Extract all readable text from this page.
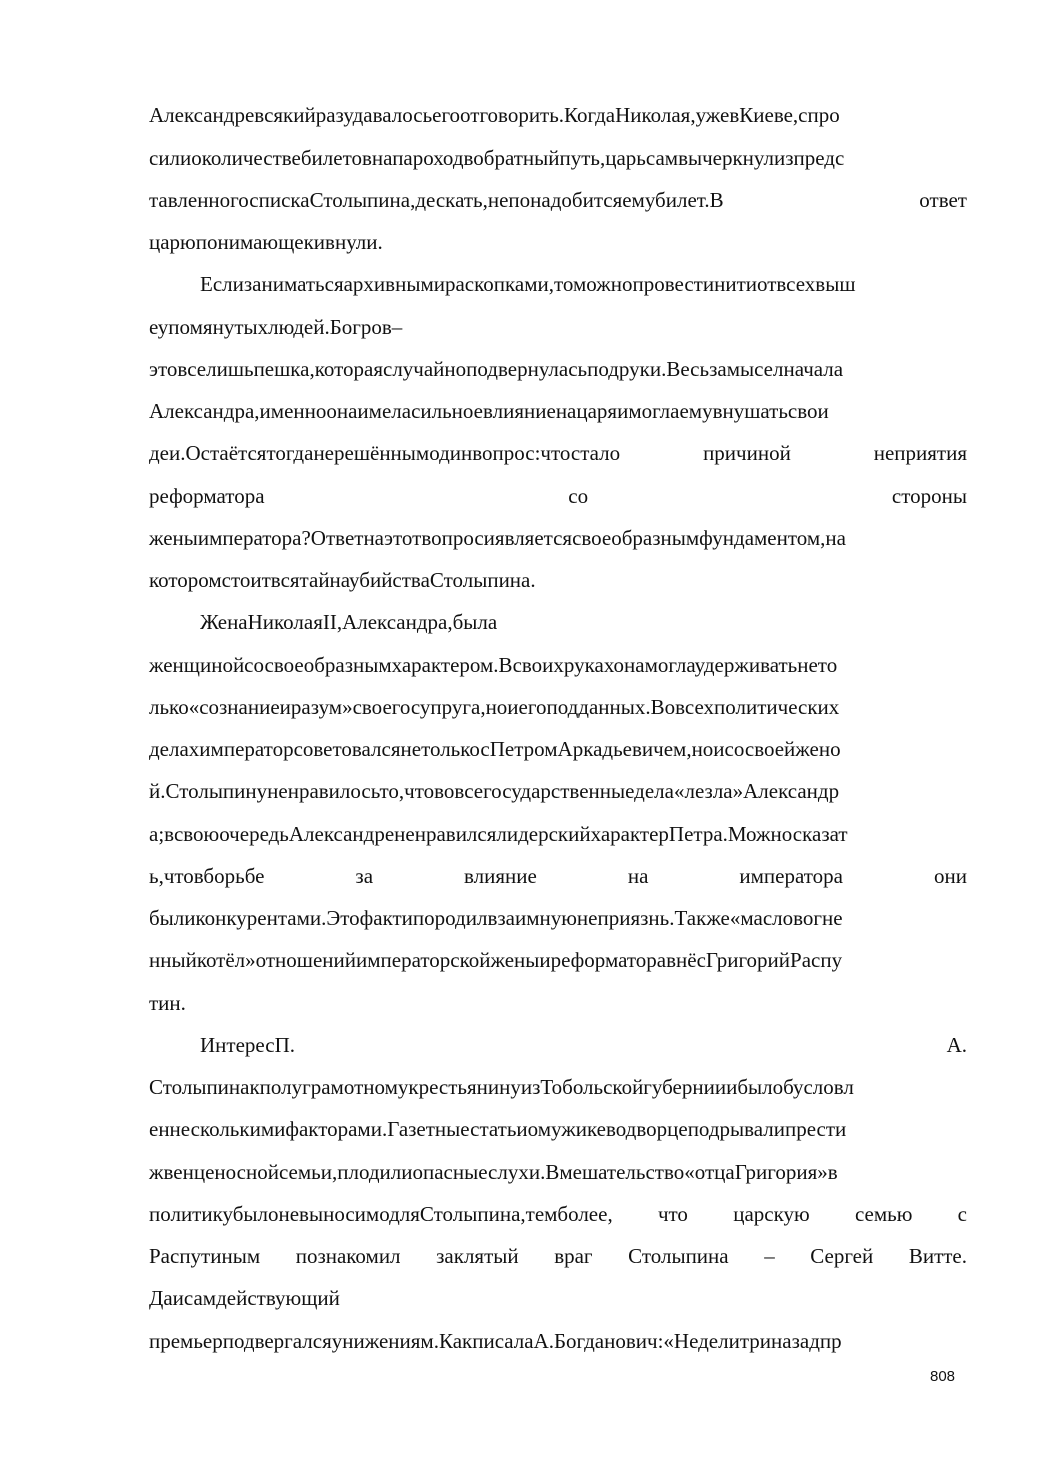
Александревсякийразудавалосьегоотговорить.КогдаНиколая,ужевКиеве,спро

силиоколичествебилетовнапароходвобратныйпуть,царьсамвычеркнулизпредс

тавленногоспискаСтолыпина,дескать,непонадобитсяемубилет.В	ответ

царюпонимающекивнули.

Еслизаниматьсяархивнымираскопками,томожнопровестинитиотвсехвыш

еупомянутыхлюдей.Богров–

этовселишьпешка,котораяслучайноподвернуласьподруки.Весьзамыселначала

Александра,именноонаимеласильноевлияниенацаряимоглаемувнушатьсвои

деи.Остаётсятогданерешённымодинвопрос:чтостало	причиной	неприятия

реформатора	со	стороны

женыимператора?Ответнаэтотвопросиявляетсясвоеобразнымфундаментом,на

которомстоитвсятайнаубийстваСтолыпина.

ЖенаНиколаяII,Александра,была

женщинойсосвоеобразнымхарактером.Всвоихрукахонамоглаудерживатьнето

лько«сознаниеиразум»своегосупруга,ноиегоподданных.Вовсехполитических

делахимператорсоветовалсянетолькосПетромАркадьевичем,ноисосвоейжено

й.Столыпинуненравилосьто,чтововсегосударственныедела«лезла»Александр

а;всвоюочередьАлександрененравилсялидерскийхарактерПетра.Можносказат

ь,чтовборьбе	за	влияние	на	императора	они

быликонкурентами.Этофактипородилвзаимнуюнеприязнь.Также«масловогне

нныйкотёл»отношенийимператорскойженыиреформаторавнёсГригорийРаспу

тин.

ИнтересП.	А.

СтолыпинакполуграмотномукрестьянинуизТобольскойгубернииибылобусловл

еннесколькимифакторами.Газетныестатьиомужикеводворцеподрывалипрести

жвенценоснойсемьи,плодилиопасныеслухи.Вмешательство«отцаГригория»в

политикубылоневыносимодляСтолыпина,темболее, что царскую семью с

Распутиным познакомил заклятый враг Столыпина – Сергей Витте.

Даисамдействующий

премьерподвергалсяунижениям.КакписалаА.Богданович:«Неделитриназадпр

808
